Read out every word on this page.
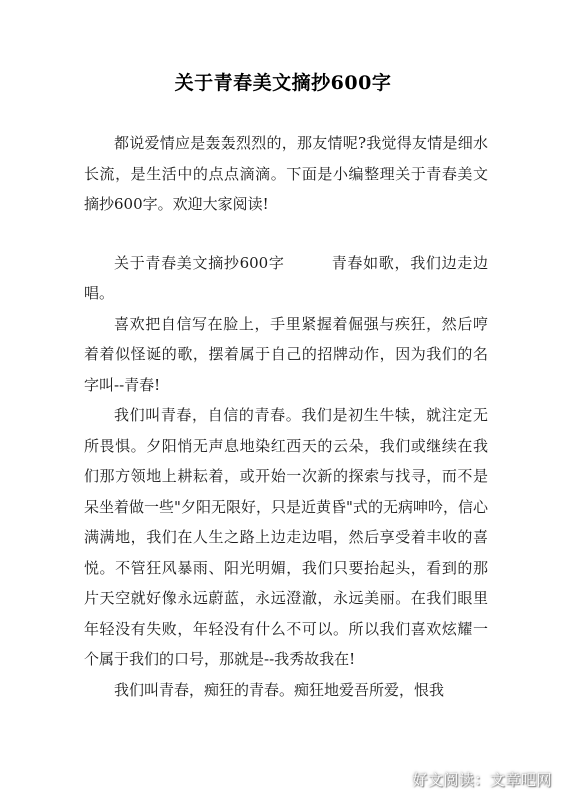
关于青春美文摘抄600字

都说爱情应是轰轰烈烈的，那友情呢?我觉得友情是细水长流，是生活中的点点滴滴。下面是小编整理关于青春美文摘抄600字。欢迎大家阅读!

关于青春美文摘抄600字　　　青春如歌，我们边走边唱。

喜欢把自信写在脸上，手里紧握着倔强与疾狂，然后哼着着似怪诞的歌，摆着属于自己的招牌动作，因为我们的名字叫--青春!

我们叫青春，自信的青春。我们是初生牛犊，就注定无所畏惧。夕阳悄无声息地染红西天的云朵，我们或继续在我们那方领地上耕耘着，或开始一次新的探索与找寻，而不是呆坐着做一些"夕阳无限好，只是近黄昏"式的无病呻吟，信心满满地，我们在人生之路上边走边唱，然后享受着丰收的喜悦。不管狂风暴雨、阳光明媚，我们只要抬起头，看到的那片天空就好像永远蔚蓝，永远澄澈，永远美丽。在我们眼里年轻没有失败，年轻没有什么不可以。所以我们喜欢炫耀一个属于我们的口号，那就是--我秀故我在!

我们叫青春，痴狂的青春。痴狂地爱吾所爱，恨我

好文阅读：文章吧网
